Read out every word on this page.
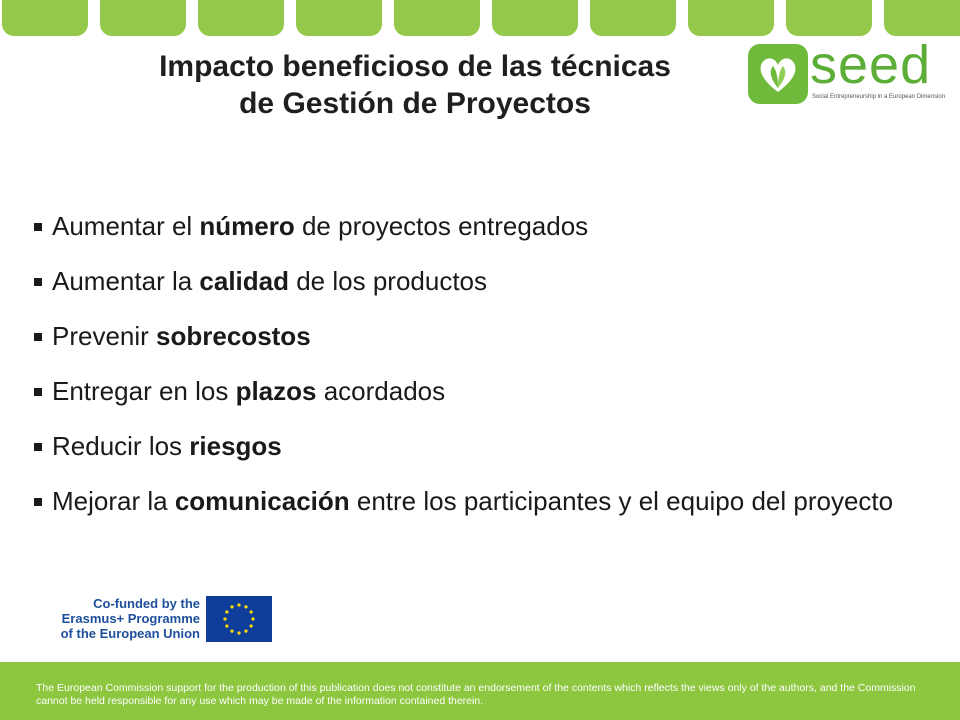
Impacto beneficioso de las técnicas
de Gestión de Proyectos
seed
Social Entrepreneurship in a European Dimension
Aumentar el número de proyectos entregados
Aumentar la calidad de los productos
Prevenir sobrecostos
Entregar en los plazos acordados
Reducir los riesgos
Mejorar la comunicación entre los participantes y el equipo del proyecto
Co-funded by the
Erasmus+ Programme
of the European Union
The European Commission support for the production of this publication does not constitute an endorsement of the contents which reflects the views only of the authors, and the Commission cannot be held responsible for any use which may be made of the information contained therein.
